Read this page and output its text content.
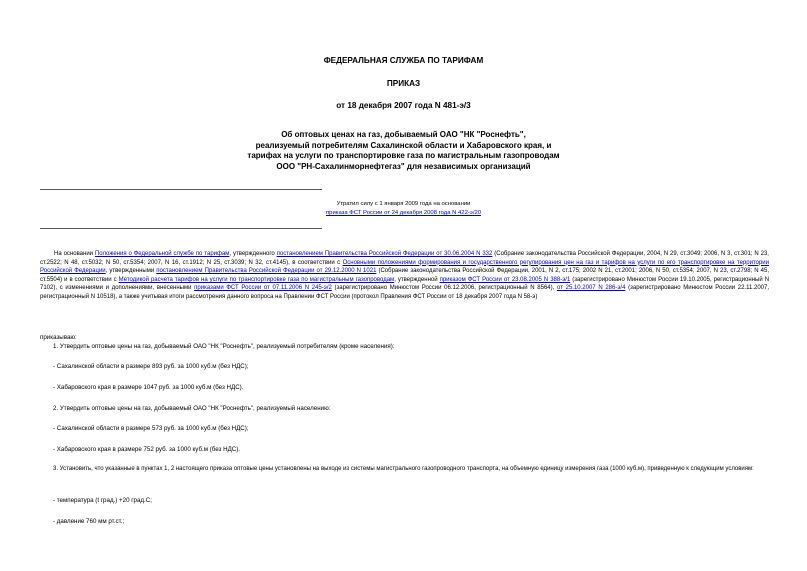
ФЕДЕРАЛЬНАЯ СЛУЖБА ПО ТАРИФАМ
ПРИКАЗ
от 18 декабря 2007 года N 481-э/3
Об оптовых ценах на газ, добываемый ОАО "НК "Роснефть",
реализуемый потребителям Сахалинской области и Хабаровского края, и
тарифах на услуги по транспортировке газа по магистральным газопроводам
ООО "РН-Сахалинморнефтегаз" для независимых организаций
Утратил силу с 1 января 2009 года на основании
приказа ФСТ России от 24 декабря 2008 года N 422-э/20
На основании Положения о Федеральной службе по тарифам, утвержденного постановлением Правительства Российской Федерации от 30.06.2004 N 332 (Собрание законодательства Российской Федерации, 2004, N 29, ст.3049; 2006, N 3, ст.301; N 23, ст.2522; N 48, ст.5032; N 50, ст.5354; 2007, N 16, ст.1912; N 25, ст.3039; N 32, ст.4145), в соответствии с Основными положениями формирования и государственного регулирования цен на газ и тарифов на услуги по его транспортировке на территории Российской Федерации, утвержденными постановлением Правительства Российской Федерации от 29.12.2000 N 1021 (Собрание законодательства Российской Федерации, 2001, N 2, ст.175; 2002 N 21, ст.2001; 2006, N 50, ст.5354; 2007, N 23, ст.2798; N 45, ст.5504) и в соответствии с Методикой расчета тарифов на услуги по транспортировке газа по магистральным газопроводам, утвержденной приказом ФСТ России от 23.08.2005 N 388-э/1 (зарегистрировано Минюстом России 19.10.2005, регистрационный N 7102), с изменениями и дополнениями, внесенными приказами ФСТ России от 07.11.2006 N 245-э/2 (зарегистрировано Минюстом России 06.12.2006, регистрационный N 8564), от 25.10.2007 N 286-э/4 (зарегистрировано Минюстом России 22.11.2007, регистрационный N 10518), а также учитывая итоги рассмотрения данного вопроса на Правлении ФСТ России (протокол Правления ФСТ России от 18 декабря 2007 года N 58-э)
приказываю:
1. Утвердить оптовые цены на газ, добываемый ОАО "НК "Роснефть", реализуемый потребителям (кроме населения):
- Сахалинской области в размере 893 руб. за 1000 куб.м (без НДС);
- Хабаровского края в размере 1047 руб. за 1000 куб.м (без НДС).
2. Утвердить оптовые цены на газ, добываемый ОАО "НК "Роснефть", реализуемый населению:
- Сахалинской области в размере 573 руб. за 1000 куб.м (без НДС);
- Хабаровского края в размере 752 руб. за 1000 куб.м (без НДС).
3. Установить, что указанные в пунктах 1, 2 настоящего приказа оптовые цены установлены на выходе из системы магистрального газопроводного транспорта, на объемную единицу измерения газа (1000 куб.м), приведенную к следующим условиям:
- температура (t град.) +20 град.С;
- давление 760 мм рт.ст.;
